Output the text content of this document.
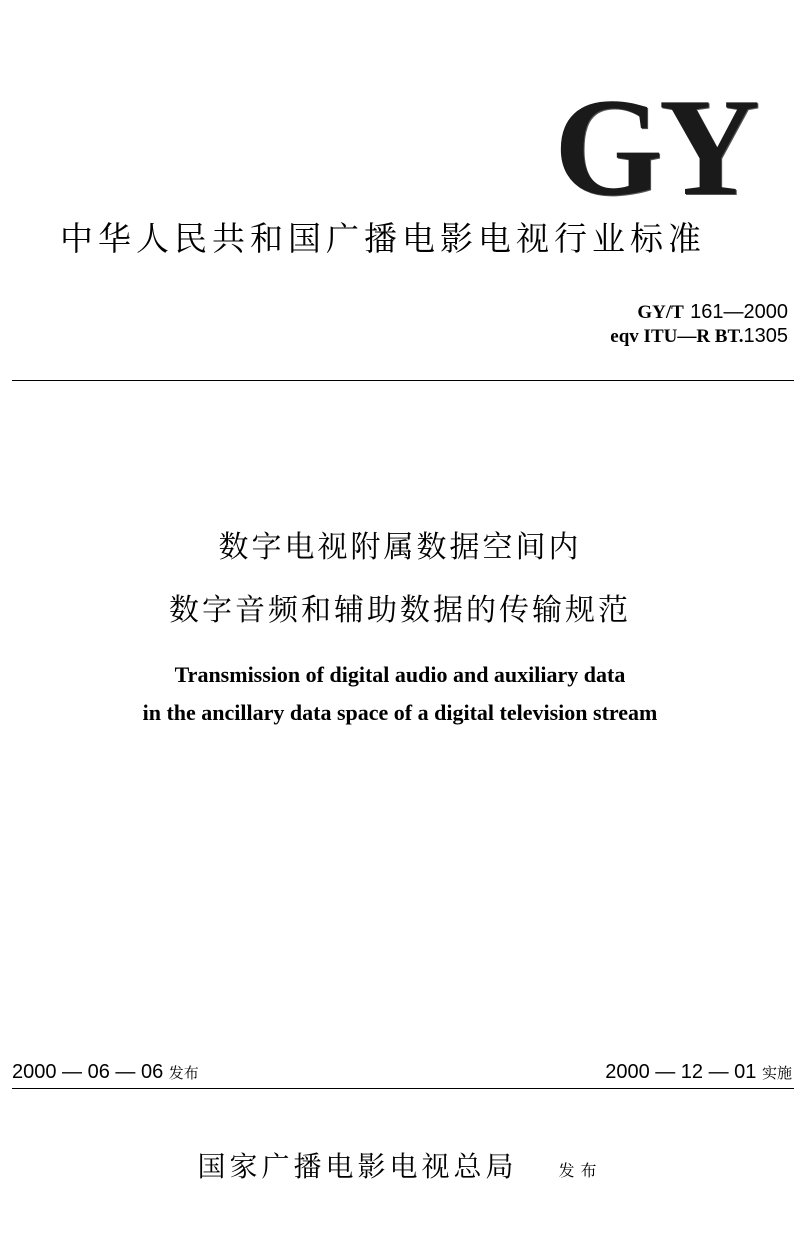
GY
中华人民共和国广播电影电视行业标准
GY/T 161—2000
eqv ITU—R BT.1305
数字电视附属数据空间内
数字音频和辅助数据的传输规范
Transmission of digital audio and auxiliary data
in the ancillary data space of a digital television stream
2000 — 06 — 06 发布	2000 — 12 — 01 实施
国家广播电影电视总局	发布
